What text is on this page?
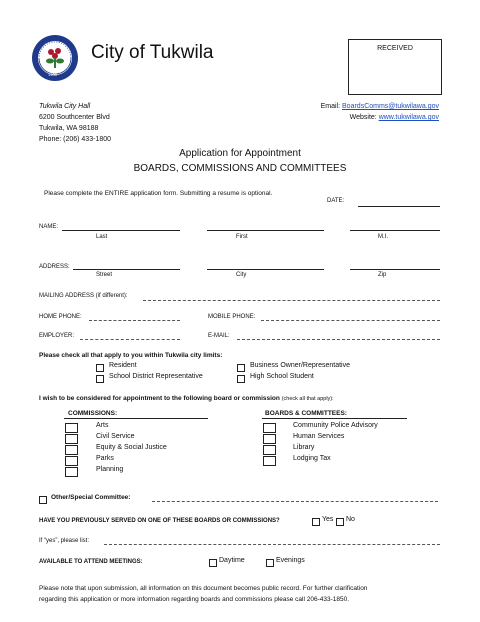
1908
City of Tukwila	RECEIVED
Tukwila City Hall
6200 Southcenter Blvd
Tukwila, WA 98188
Phone: (206) 433-1800
Email: BoardsComms@tukwilawa.gov
Website: www.tukwilawa.gov
Application for Appointment
BOARDS, COMMISSIONS AND COMMITTEES
Please complete the ENTIRE application form. Submitting a resume is optional.
DATE:
NAME:
Last	First	M.I.
ADDRESS:
Street	City	Zip
MAILING ADDRESS (if different):
HOME PHONE:	MOBILE PHONE:
EMPLOYER:	E-MAIL:
Please check all that apply to you within Tukwila city limits:
Resident	Business Owner/Representative
School District Representative	High School Student
I wish to be considered for appointment to the following board or commission (check all that apply):
COMMISSIONS:
Arts
Civil Service
Equity & Social Justice
Parks
Planning
BOARDS & COMMITTEES:
Community Police Advisory
Human Services
Library
Lodging Tax
Other/Special Committee:
HAVE YOU PREVIOUSLY SERVED ON ONE OF THESE BOARDS OR COMMISSIONS?	Yes No
If “yes”, please list:
AVAILABLE TO ATTEND MEETINGS:	Daytime	Evenings
Please note that upon submission, all information on this document becomes public record. For further clarification
regarding this application or more information regarding boards and commissions please call 206-433-1850.
